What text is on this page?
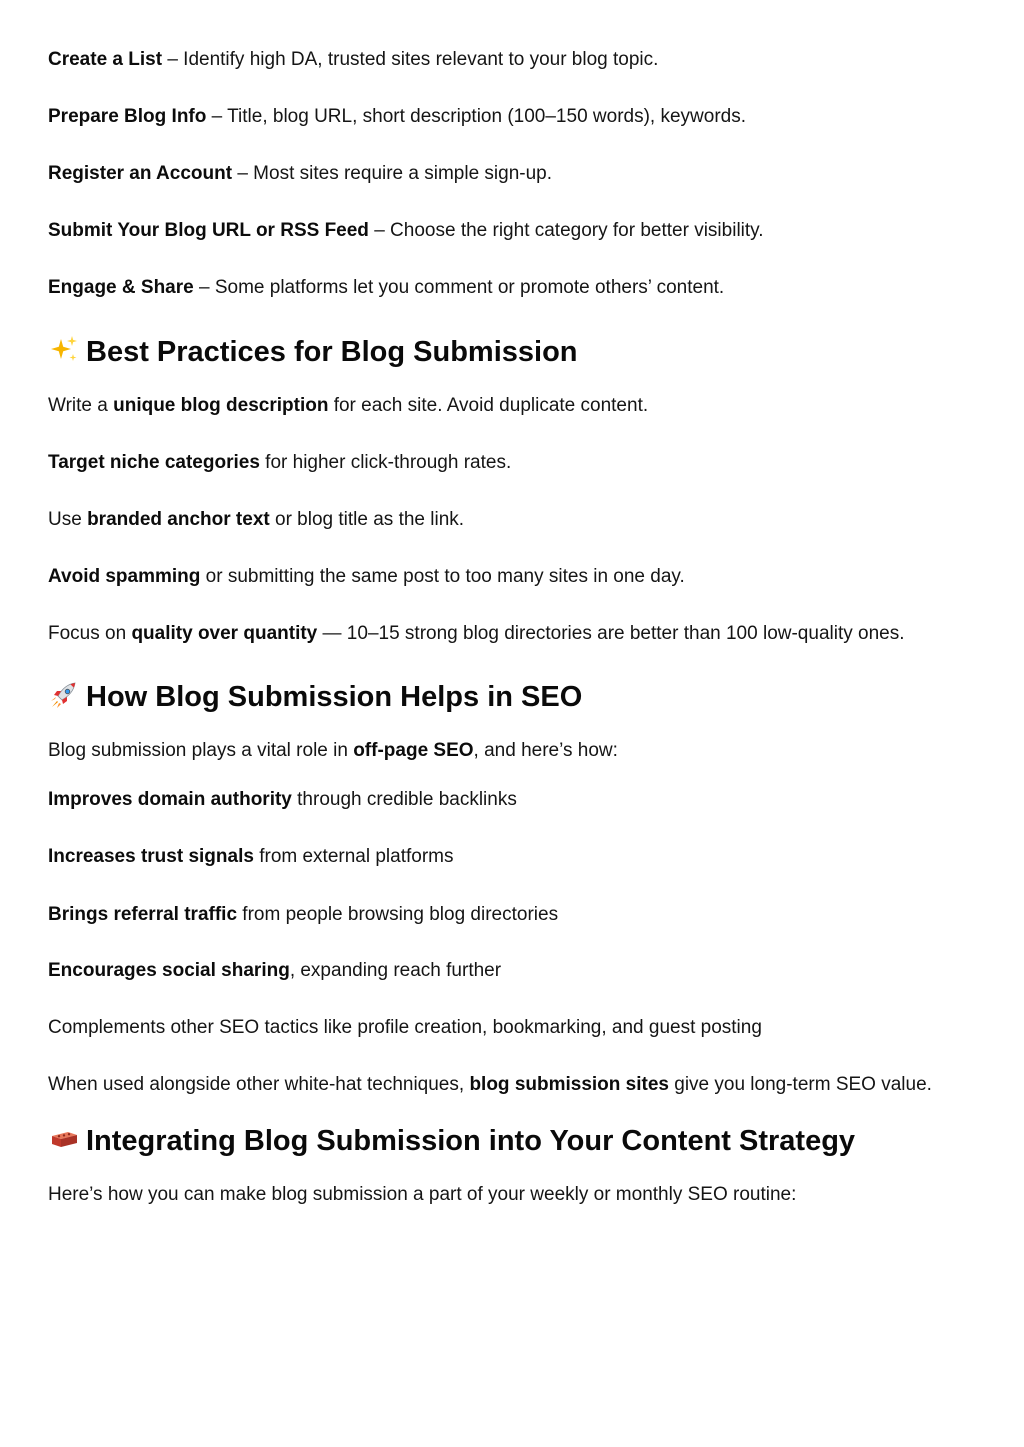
Create a List – Identify high DA, trusted sites relevant to your blog topic.
Prepare Blog Info – Title, blog URL, short description (100–150 words), keywords.
Register an Account – Most sites require a simple sign-up.
Submit Your Blog URL or RSS Feed – Choose the right category for better visibility.
Engage & Share – Some platforms let you comment or promote others’ content.
Best Practices for Blog Submission
Write a unique blog description for each site. Avoid duplicate content.
Target niche categories for higher click-through rates.
Use branded anchor text or blog title as the link.
Avoid spamming or submitting the same post to too many sites in one day.
Focus on quality over quantity — 10–15 strong blog directories are better than 100 low-quality ones.
How Blog Submission Helps in SEO
Blog submission plays a vital role in off-page SEO, and here’s how:
Improves domain authority through credible backlinks
Increases trust signals from external platforms
Brings referral traffic from people browsing blog directories
Encourages social sharing, expanding reach further
Complements other SEO tactics like profile creation, bookmarking, and guest posting
When used alongside other white-hat techniques, blog submission sites give you long-term SEO value.
Integrating Blog Submission into Your Content Strategy
Here’s how you can make blog submission a part of your weekly or monthly SEO routine:
